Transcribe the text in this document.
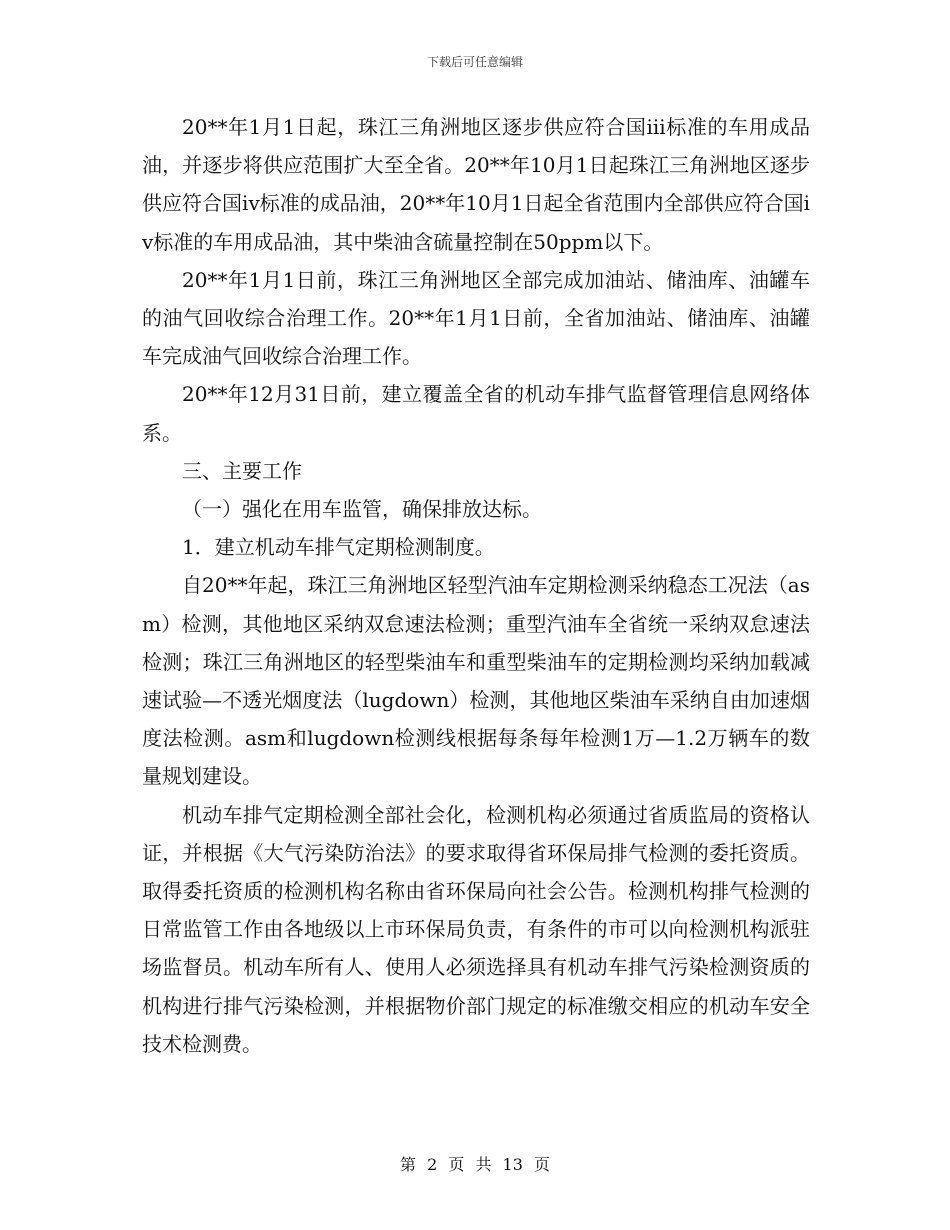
下载后可任意编辑

20**年1月1日起，珠江三角洲地区逐步供应符合国iii标准的车用成品油，并逐步将供应范围扩大至全省。20**年10月1日起珠江三角洲地区逐步供应符合国iv标准的成品油，20**年10月1日起全省范围内全部供应符合国iv标准的车用成品油，其中柴油含硫量控制在50ppm以下。

20**年1月1日前，珠江三角洲地区全部完成加油站、储油库、油罐车的油气回收综合治理工作。20**年1月1日前，全省加油站、储油库、油罐车完成油气回收综合治理工作。

20**年12月31日前，建立覆盖全省的机动车排气监督管理信息网络体系。

三、主要工作

（一）强化在用车监管，确保排放达标。

1．建立机动车排气定期检测制度。

自20**年起，珠江三角洲地区轻型汽油车定期检测采纳稳态工况法（asm）检测，其他地区采纳双怠速法检测；重型汽油车全省统一采纳双怠速法检测；珠江三角洲地区的轻型柴油车和重型柴油车的定期检测均采纳加载减速试验—不透光烟度法（lugdown）检测，其他地区柴油车采纳自由加速烟度法检测。asm和lugdown检测线根据每条每年检测1万—1.2万辆车的数量规划建设。

机动车排气定期检测全部社会化，检测机构必须通过省质监局的资格认证，并根据《大气污染防治法》的要求取得省环保局排气检测的委托资质。取得委托资质的检测机构名称由省环保局向社会公告。检测机构排气检测的日常监管工作由各地级以上市环保局负责，有条件的市可以向检测机构派驻场监督员。机动车所有人、使用人必须选择具有机动车排气污染检测资质的机构进行排气污染检测，并根据物价部门规定的标准缴交相应的机动车安全技术检测费。

第 2 页 共 13 页
